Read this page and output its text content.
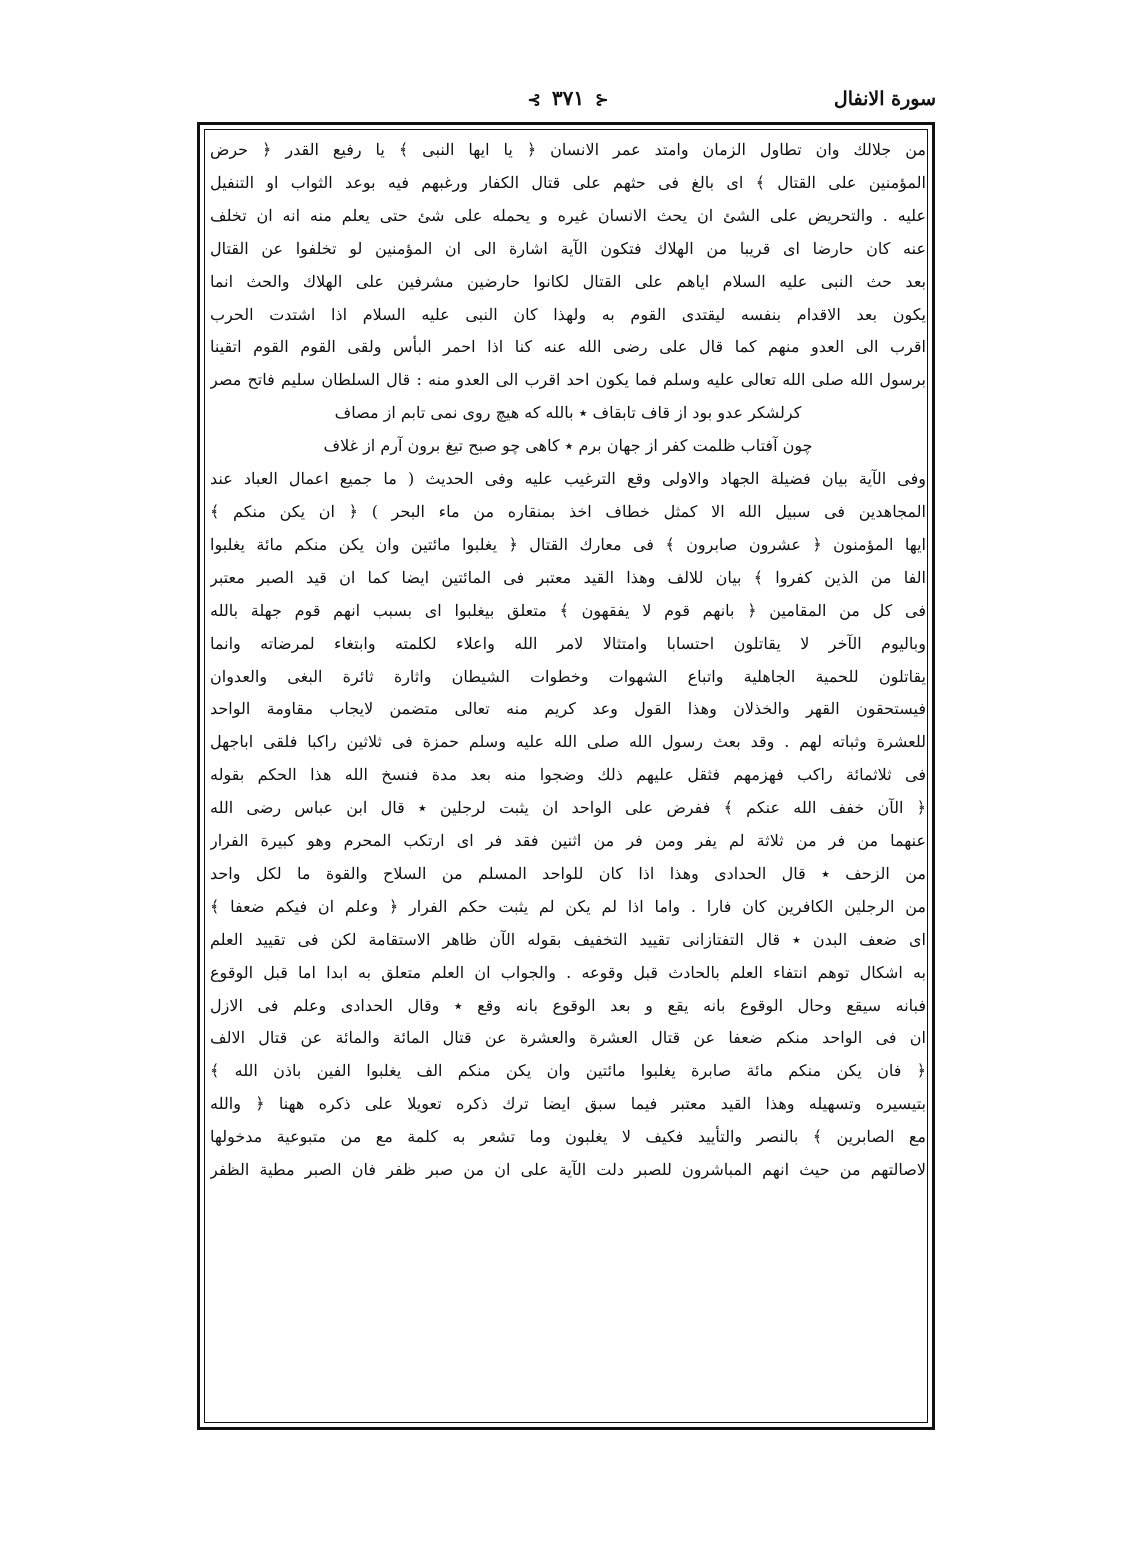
سورة الانفال
⊰ ٣٧١ ⊱
من جلالك وان تطاول الزمان وامتد عمر الانسان ﴿ يا ايها النبى ﴾ يا رفيع القدر ﴿ حرض
المؤمنين على القتال ﴾ اى بالغ فى حثهم على قتال الكفار ورغبهم فيه بوعد الثواب او التنفيل
عليه . والتحريض على الشئ ان يحث الانسان غيره و يحمله على شئ حتى يعلم منه انه ان تخلف
عنه كان حارضا اى قريبا من الهلاك فتكون الآية اشارة الى ان المؤمنين لو تخلفوا عن القتال
بعد حث النبى عليه السلام اياهم على القتال لكانوا حارضين مشرفين على الهلاك والحث انما
يكون بعد الاقدام بنفسه ليقتدى القوم به ولهذا كان النبى عليه السلام اذا اشتدت الحرب
اقرب الى العدو منهم كما قال على رضى الله عنه كنا اذا احمر البأس ولقى القوم القوم اتقينا
برسول الله صلى الله تعالى عليه وسلم فما يكون احد اقرب الى العدو منه : قال السلطان سليم فاتح مصر
كرلشكر عدو بود از قاف تابقاف ٭ بالله كه هيچ روى نمى تابم از مصاف
چون آفتاب ظلمت كفر از جهان برم ٭ كاهى چو صبح تيغ برون آرم از غلاف
وفى الآية بيان فضيلة الجهاد والاولى وقع الترغيب عليه وفى الحديث ( ما جميع اعمال العباد عند
المجاهدين فى سبيل الله الا كمثل خطاف اخذ بمنقاره من ماء البحر ) ﴿ ان يكن منكم ﴾
ايها المؤمنون ﴿ عشرون صابرون ﴾ فى معارك القتال ﴿ يغلبوا مائتين وان يكن منكم مائة يغلبوا
الفا من الذين كفروا ﴾ بيان للالف وهذا القيد معتبر فى المائتين ايضا كما ان قيد الصبر معتبر
فى كل من المقامين ﴿ بانهم قوم لا يفقهون ﴾ متعلق بيغلبوا اى بسبب انهم قوم جهلة بالله
وباليوم الآخر لا يقاتلون احتسابا وامتثالا لامر الله واعلاء لكلمته وابتغاء لمرضاته وانما
يقاتلون للحمية الجاهلية واتباع الشهوات وخطوات الشيطان واثارة ثائرة البغى والعدوان
فيستحقون القهر والخذلان وهذا القول وعد كريم منه تعالى متضمن لايجاب مقاومة الواحد
للعشرة وثباته لهم . وقد بعث رسول الله صلى الله عليه وسلم حمزة فى ثلاثين راكبا فلقى اباجهل
فى ثلاثمائة راكب فهزمهم فثقل عليهم ذلك وضجوا منه بعد مدة فنسخ الله هذا الحكم بقوله
﴿ الآن خفف الله عنكم ﴾ ففرض على الواحد ان يثبت لرجلين ٭ قال ابن عباس رضى الله
عنهما من فر من ثلاثة لم يفر ومن فر من اثنين فقد فر اى ارتكب المحرم وهو كبيرة الفرار
من الزحف ٭ قال الحدادى وهذا اذا كان للواحد المسلم من السلاح والقوة ما لكل واحد
من الرجلين الكافرين كان فارا . واما اذا لم يكن لم يثبت حكم الفرار ﴿ وعلم ان فيكم ضعفا ﴾
اى ضعف البدن ٭ قال التفتازانى تقييد التخفيف بقوله الآن ظاهر الاستقامة لكن فى تقييد العلم
به اشكال توهم انتفاء العلم بالحادث قبل وقوعه . والجواب ان العلم متعلق به ابدا اما قبل الوقوع
فبانه سيقع وحال الوقوع بانه يقع و بعد الوقوع بانه وقع ٭ وقال الحدادى وعلم فى الازل
ان فى الواحد منكم ضعفا عن قتال العشرة والعشرة عن قتال المائة والمائة عن قتال الالف
﴿ فان يكن منكم مائة صابرة يغلبوا مائتين وان يكن منكم الف يغلبوا الفين باذن الله ﴾
بتيسيره وتسهيله وهذا القيد معتبر فيما سبق ايضا ترك ذكره تعويلا على ذكره ههنا ﴿ والله
مع الصابرين ﴾ بالنصر والتأييد فكيف لا يغلبون وما تشعر به كلمة مع من متبوعية مدخولها
لاصالتهم من حيث انهم المباشرون للصبر دلت الآية على ان من صبر ظفر فان الصبر مطية الظفر
